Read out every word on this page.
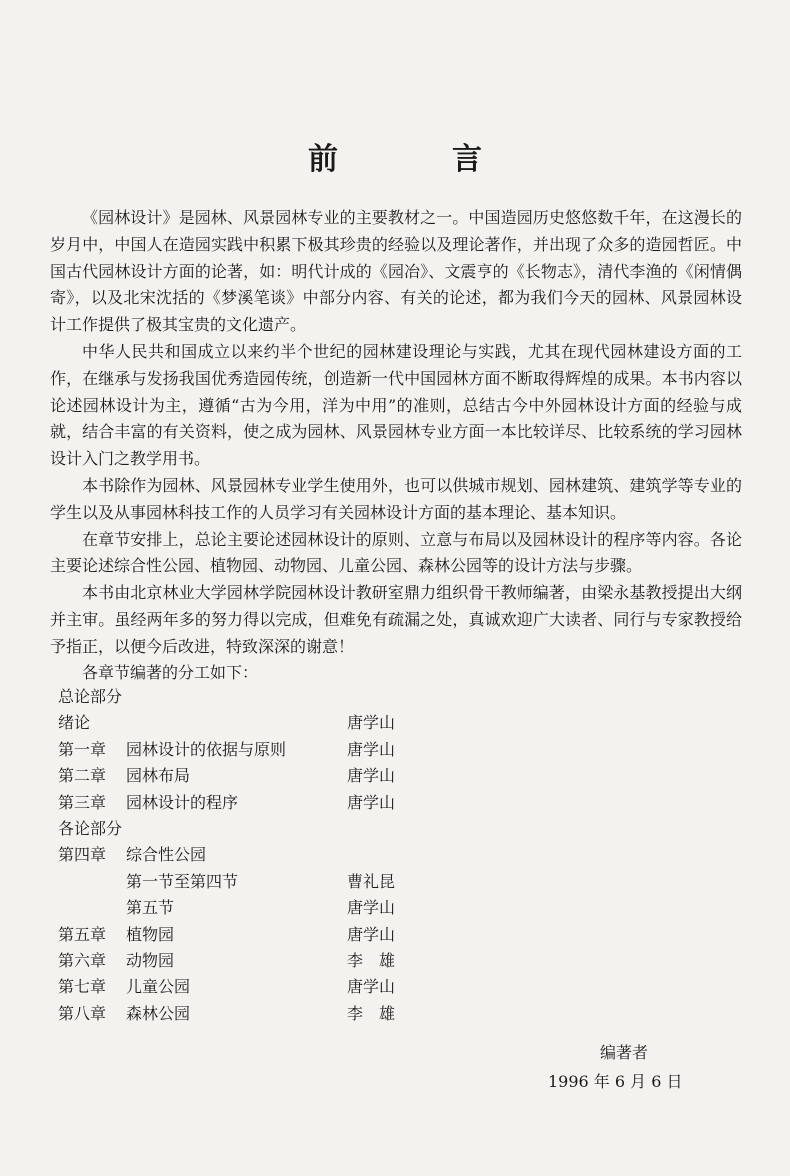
前　言

《园林设计》是园林、风景园林专业的主要教材之一。中国造园历史悠悠数千年，在这漫长的岁月中，中国人在造园实践中积累下极其珍贵的经验以及理论著作，并出现了众多的造园哲匠。中国古代园林设计方面的论著，如：明代计成的《园冶》、文震亨的《长物志》，清代李渔的《闲情偶寄》，以及北宋沈括的《梦溪笔谈》中部分内容、有关的论述，都为我们今天的园林、风景园林设计工作提供了极其宝贵的文化遗产。

中华人民共和国成立以来约半个世纪的园林建设理论与实践，尤其在现代园林建设方面的工作，在继承与发扬我国优秀造园传统，创造新一代中国园林方面不断取得辉煌的成果。本书内容以论述园林设计为主，遵循“古为今用，洋为中用”的准则，总结古今中外园林设计方面的经验与成就，结合丰富的有关资料，使之成为园林、风景园林专业方面一本比较详尽、比较系统的学习园林设计入门之教学用书。

本书除作为园林、风景园林专业学生使用外，也可以供城市规划、园林建筑、建筑学等专业的学生以及从事园林科技工作的人员学习有关园林设计方面的基本理论、基本知识。

在章节安排上，总论主要论述园林设计的原则、立意与布局以及园林设计的程序等内容。各论主要论述综合性公园、植物园、动物园、儿童公园、森林公园等的设计方法与步骤。

本书由北京林业大学园林学院园林设计教研室鼎力组织骨干教师编著，由梁永基教授提出大纲并主审。虽经两年多的努力得以完成，但难免有疏漏之处，真诚欢迎广大读者、同行与专家教授给予指正，以便今后改进，特致深深的谢意！

各章节编著的分工如下：
总论部分
绪论	唐学山
第一章 园林设计的依据与原则	唐学山
第二章 园林布局	唐学山
第三章 园林设计的程序	唐学山
各论部分
第四章 综合性公园
第一节至第四节	曹礼昆
第五节	唐学山
第五章 植物园	唐学山
第六章 动物园	李　雄
第七章 儿童公园	唐学山
第八章 森林公园	李　雄
编著者
1996 年 6 月 6 日
